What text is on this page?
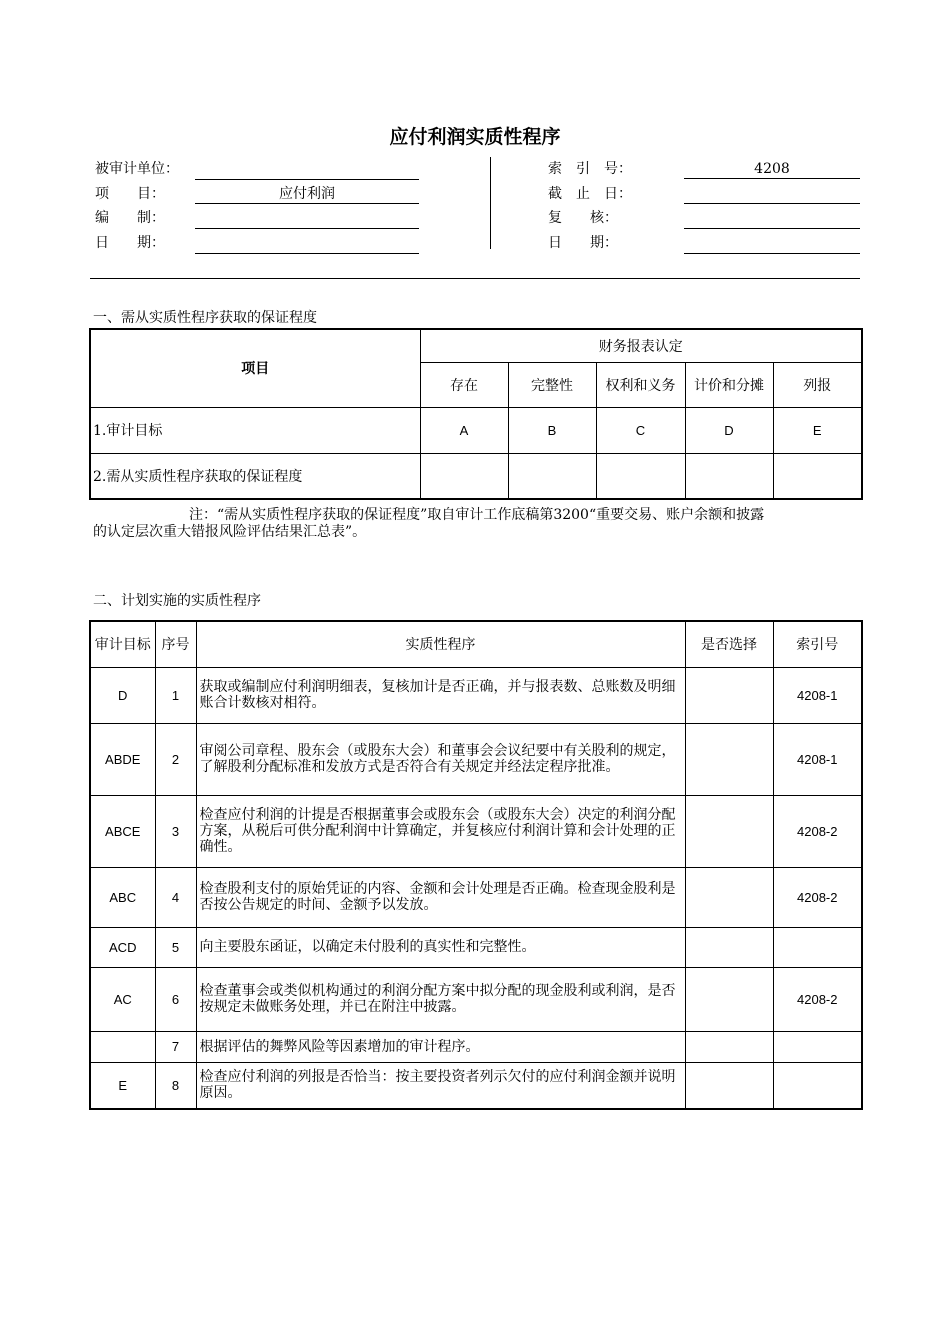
应付利润实质性程序
被审计单位：
项　　目：	应付利润
编　　制：
日　　期：
索　引　号：	4208
截　止　日：
复　　核：
日　　期：
一、需从实质性程序获取的保证程度
项目	财务报表认定				
	存在	完整性	权利和义务	计价和分摊	列报
1.审计目标	A	B	C	D	E
2.需从实质性程序获取的保证程度					
注：“需从实质性程序获取的保证程度”取自审计工作底稿第3200“重要交易、账户余额和披露
的认定层次重大错报风险评估结果汇总表”。
二、计划实施的实质性程序
审计目标	序号	实质性程序	是否选择	索引号
D	1	获取或编制应付利润明细表，复核加计是否正确，并与报表数、总账数及明细账合计数核对相符。		4208-1
ABDE	2	审阅公司章程、股东会（或股东大会）和董事会会议纪要中有关股利的规定，了解股利分配标准和发放方式是否符合有关规定并经法定程序批准。		4208-1
ABCE	3	检查应付利润的计提是否根据董事会或股东会（或股东大会）决定的利润分配方案，从税后可供分配利润中计算确定，并复核应付利润计算和会计处理的正确性。		4208-2
ABC	4	检查股利支付的原始凭证的内容、金额和会计处理是否正确。检查现金股利是否按公告规定的时间、金额予以发放。		4208-2
ACD	5	向主要股东函证，以确定未付股利的真实性和完整性。		
AC	6	检查董事会或类似机构通过的利润分配方案中拟分配的现金股利或利润，是否按规定未做账务处理，并已在附注中披露。		4208-2
	7	根据评估的舞弊风险等因素增加的审计程序。		
E	8	检查应付利润的列报是否恰当：按主要投资者列示欠付的应付利润金额并说明原因。		
